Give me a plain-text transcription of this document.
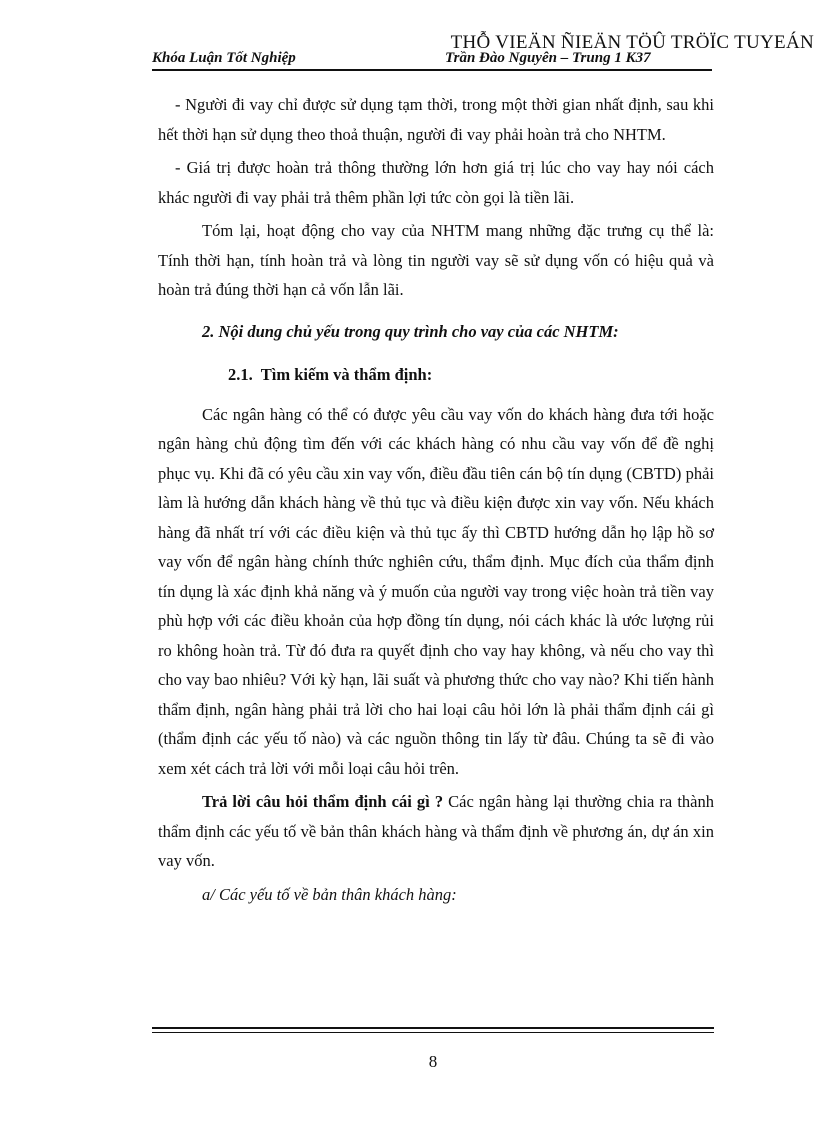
THỖ VIEÄN ÑIEÄN TÖÛ TRÖÏC TUYEÁN
Khóa Luận Tốt Nghiệp	Trần Đào Nguyên – Trung 1 K37

- Người đi vay chỉ được sử dụng tạm thời, trong một thời gian nhất định, sau khi hết thời hạn sử dụng theo thoả thuận, người đi vay phải hoàn trả cho NHTM.

- Giá trị được hoàn trả thông thường lớn hơn giá trị lúc cho vay hay nói cách khác người đi vay phải trả thêm phần lợi tức còn gọi là tiền lãi.

Tóm lại, hoạt động cho vay của NHTM mang những đặc trưng cụ thể là: Tính thời hạn, tính hoàn trả và lòng tin người vay sẽ sử dụng vốn có hiệu quả và hoàn trả đúng thời hạn cả vốn lẫn lãi.

2. Nội dung chủ yếu trong quy trình cho vay của các NHTM:

2.1. Tìm kiếm và thẩm định:

Các ngân hàng có thể có được yêu cầu vay vốn do khách hàng đưa tới hoặc ngân hàng chủ động tìm đến với các khách hàng có nhu cầu vay vốn để đề nghị phục vụ. Khi đã có yêu cầu xin vay vốn, điều đầu tiên cán bộ tín dụng (CBTD) phải làm là hướng dẫn khách hàng về thủ tục và điều kiện được xin vay vốn. Nếu khách hàng đã nhất trí với các điều kiện và thủ tục ấy thì CBTD hướng dẫn họ lập hồ sơ vay vốn để ngân hàng chính thức nghiên cứu, thẩm định. Mục đích của thẩm định tín dụng là xác định khả năng và ý muốn của người vay trong việc hoàn trả tiền vay phù hợp với các điều khoản của hợp đồng tín dụng, nói cách khác là ước lượng rủi ro không hoàn trả. Từ đó đưa ra quyết định cho vay hay không, và nếu cho vay thì cho vay bao nhiêu? Với kỳ hạn, lãi suất và phương thức cho vay nào? Khi tiến hành thẩm định, ngân hàng phải trả lời cho hai loại câu hỏi lớn là phải thẩm định cái gì (thẩm định các yếu tố nào) và các nguồn thông tin lấy từ đâu. Chúng ta sẽ đi vào xem xét cách trả lời với mỗi loại câu hỏi trên.

Trả lời câu hỏi thẩm định cái gì ? Các ngân hàng lại thường chia ra thành thẩm định các yếu tố về bản thân khách hàng và thẩm định về phương án, dự án xin vay vốn.

a/ Các yếu tố về bản thân khách hàng:

8
